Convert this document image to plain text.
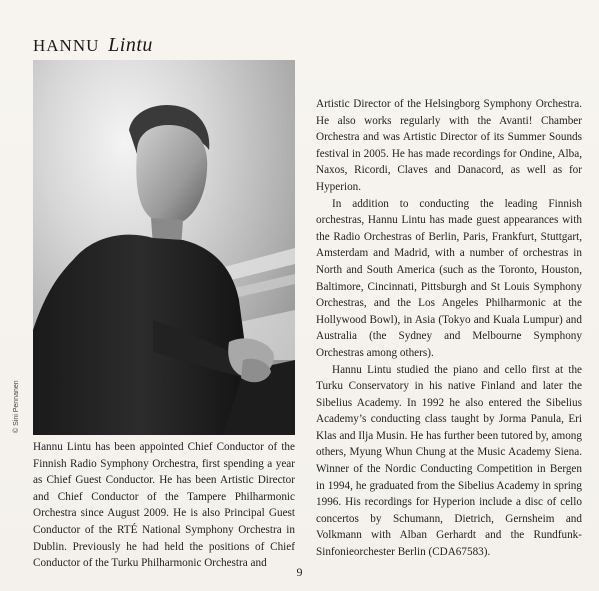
HANNU Lintu
© Sini Pennanen

Hannu Lintu has been appointed Chief Conductor of the Finnish Radio Symphony Orchestra, first spending a year as Chief Guest Conductor. He has been Artistic Director and Chief Conductor of the Tampere Philharmonic Orchestra since August 2009. He is also Principal Guest Conductor of the RTÉ National Symphony Orchestra in Dublin. Previously he had held the positions of Chief Conductor of the Turku Philharmonic Orchestra and

Artistic Director of the Helsingborg Symphony Orchestra. He also works regularly with the Avanti! Chamber Orchestra and was Artistic Director of its Summer Sounds festival in 2005. He has made recordings for Ondine, Alba, Naxos, Ricordi, Claves and Danacord, as well as for Hyperion.

In addition to conducting the leading Finnish orchestras, Hannu Lintu has made guest appearances with the Radio Orchestras of Berlin, Paris, Frankfurt, Stuttgart, Amsterdam and Madrid, with a number of orchestras in North and South America (such as the Toronto, Houston, Baltimore, Cincinnati, Pittsburgh and St Louis Symphony Orchestras, and the Los Angeles Philharmonic at the Hollywood Bowl), in Asia (Tokyo and Kuala Lumpur) and Australia (the Sydney and Melbourne Symphony Orchestras among others).

Hannu Lintu studied the piano and cello first at the Turku Conservatory in his native Finland and later the Sibelius Academy. In 1992 he also entered the Sibelius Academy’s conducting class taught by Jorma Panula, Eri Klas and Ilja Musin. He has further been tutored by, among others, Myung Whun Chung at the Music Academy Siena. Winner of the Nordic Conducting Competition in Bergen in 1994, he graduated from the Sibelius Academy in spring 1996. His recordings for Hyperion include a disc of cello concertos by Schumann, Dietrich, Gernsheim and Volkmann with Alban Gerhardt and the Rundfunk-Sinfonieorchester Berlin (CDA67583).

9
